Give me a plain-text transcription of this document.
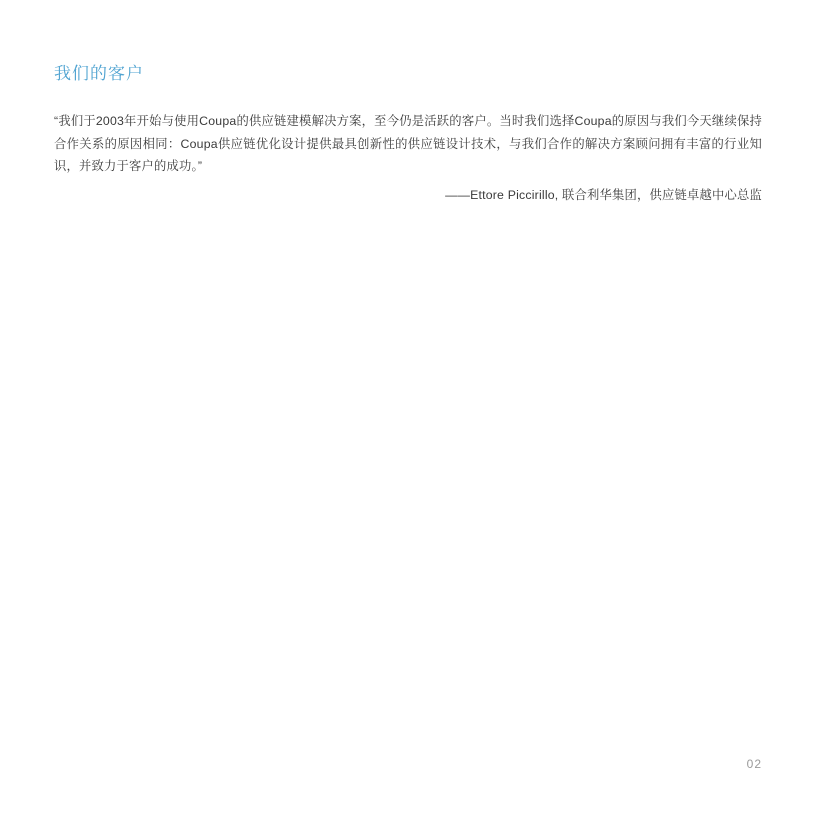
我们的客户

“我们于2003年开始与使用Coupa的供应链建模解决方案，至今仍是活跃的客户。当时我们选择Coupa的原因与我们今天继续保持合作关系的原因相同：Coupa供应链优化设计提供最具创新性的供应链设计技术，与我们合作的解决方案顾问拥有丰富的行业知识，并致力于客户的成功。”

——Ettore Piccirillo, 联合利华集团，供应链卓越中心总监
02
